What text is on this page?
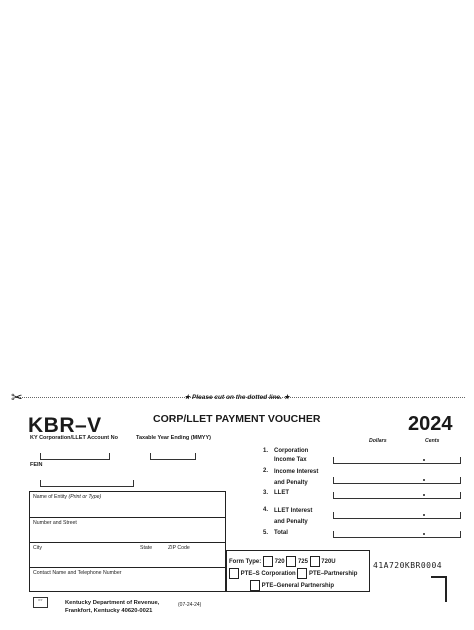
✂	★ Please cut on the dotted line. ★
KBR–V	CORP/LLET PAYMENT VOUCHER	2024
KY Corporation/LLET Account No	Taxable Year Ending (MMYY)
FEIN
Name of Entity (Print or Type)
Number and Street
City	State	ZIP Code
Contact Name and Telephone Number
Dollars	Cents
1. Corporation
Income Tax
2. Income Interest
and Penalty
3. LLET
4. LLET Interest
and Penalty
5. Total
Form Type: 720 725 720U
PTE–S Corporation PTE–Partnership
PTE–General Partnership
41A720KBR0004
KY	Kentucky Department of Revenue,
Frankfort, Kentucky 40620-0021
(07-24-24)
